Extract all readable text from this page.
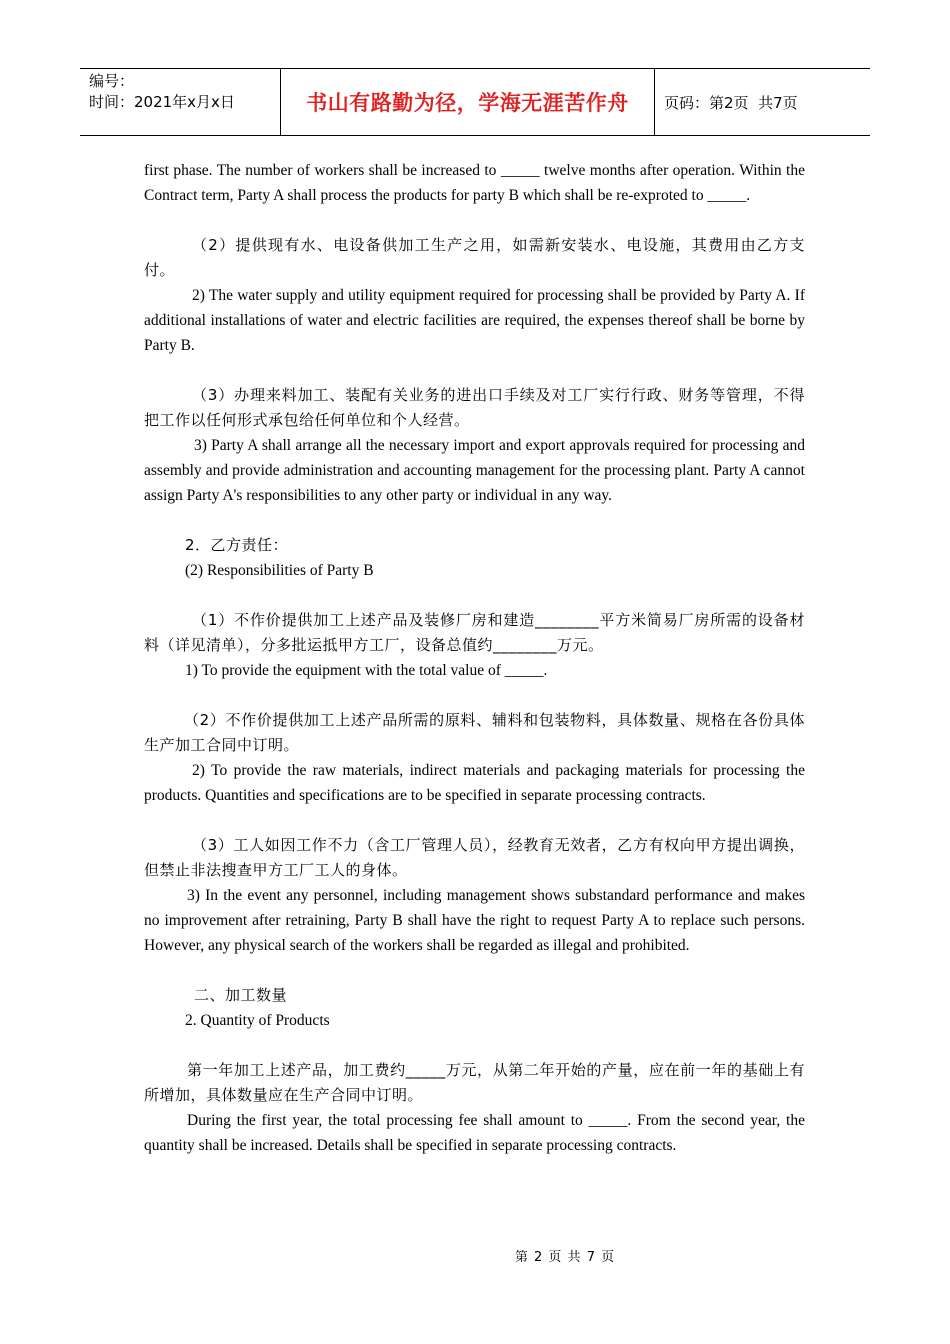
编号：
时间：2021年x月x日	书山有路勤为径，学海无涯苦作舟	页码：第2页  共7页

first phase. The number of workers shall be increased to _____ twelve months after operation. Within the Contract term, Party A shall process the products for party B which shall be re-exproted to _____.

（2）提供现有水、电设备供加工生产之用，如需新安装水、电设施，其费用由乙方支付。

2) The water supply and utility equipment required for processing shall be provided by Party A. If additional installations of water and electric facilities are required, the expenses thereof shall be borne by Party B.

（3）办理来料加工、装配有关业务的进出口手续及对工厂实行行政、财务等管理，不得把工作以任何形式承包给任何单位和个人经营。

3) Party A shall arrange all the necessary import and export approvals required for processing and assembly and provide administration and accounting management for the processing plant. Party A cannot assign Party A's responsibilities to any other party or individual in any way.

2．乙方责任：

(2) Responsibilities of Party B

（1）不作价提供加工上述产品及装修厂房和建造________平方米简易厂房所需的设备材料（详见清单），分多批运抵甲方工厂，设备总值约________万元。

1) To provide the equipment with the total value of _____.

（2）不作价提供加工上述产品所需的原料、辅料和包装物料，具体数量、规格在各份具体生产加工合同中订明。

2) To provide the raw materials, indirect materials and packaging materials for processing the products. Quantities and specifications are to be specified in separate processing contracts.

（3）工人如因工作不力（含工厂管理人员），经教育无效者，乙方有权向甲方提出调换，但禁止非法搜查甲方工厂工人的身体。

3) In the event any personnel, including management shows substandard performance and makes no improvement after retraining, Party B shall have the right to request Party A to replace such persons. However, any physical search of the workers shall be regarded as illegal and prohibited.

二、加工数量

2. Quantity of Products

第一年加工上述产品，加工费约_____万元，从第二年开始的产量，应在前一年的基础上有所增加，具体数量应在生产合同中订明。

During the first year, the total processing fee shall amount to _____. From the second year, the quantity shall be increased. Details shall be specified in separate processing contracts.

第 2 页 共 7 页
